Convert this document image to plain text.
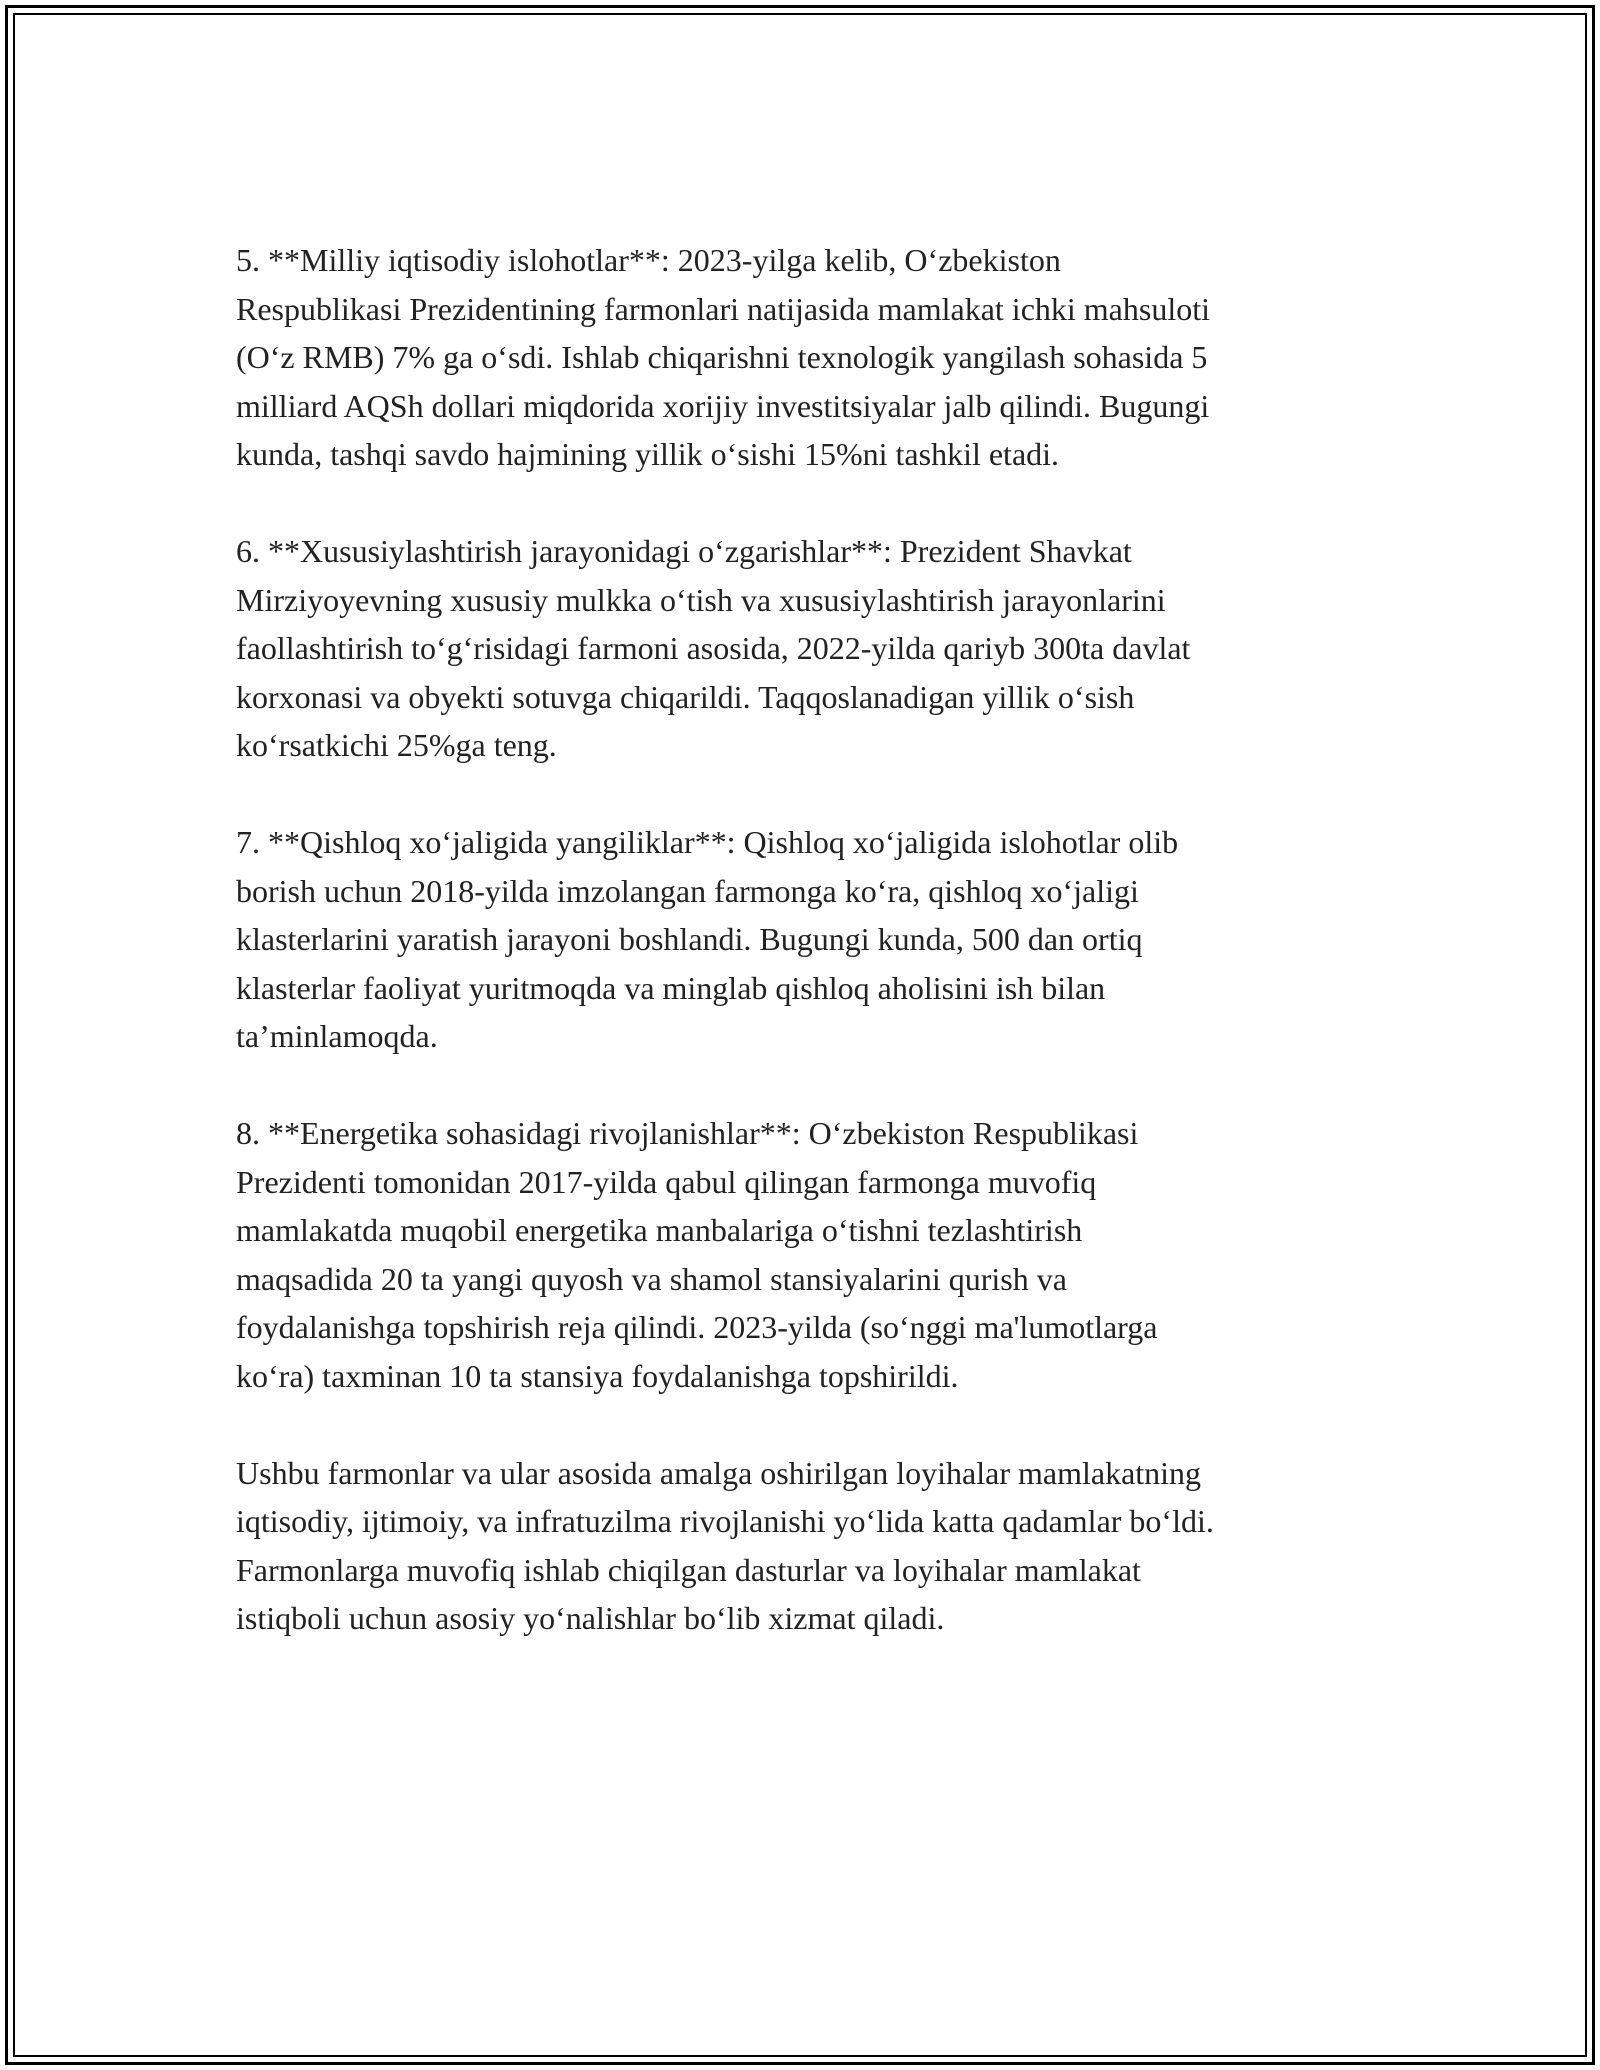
5. **Milliy iqtisodiy islohotlar**: 2023-yilga kelib, O‘zbekiston
Respublikasi Prezidentining farmonlari natijasida mamlakat ichki mahsuloti
(O‘z RMB) 7% ga o‘sdi. Ishlab chiqarishni texnologik yangilash sohasida 5
milliard AQSh dollari miqdorida xorijiy investitsiyalar jalb qilindi. Bugungi
kunda, tashqi savdo hajmining yillik o‘sishi 15%ni tashkil etadi.

6. **Xususiylashtirish jarayonidagi o‘zgarishlar**: Prezident Shavkat
Mirziyoyevning xususiy mulkka o‘tish va xususiylashtirish jarayonlarini
faollashtirish to‘g‘risidagi farmoni asosida, 2022-yilda qariyb 300ta davlat
korxonasi va obyekti sotuvga chiqarildi. Taqqoslanadigan yillik o‘sish
ko‘rsatkichi 25%ga teng.

7. **Qishloq xo‘jaligida yangiliklar**: Qishloq xo‘jaligida islohotlar olib
borish uchun 2018-yilda imzolangan farmonga ko‘ra, qishloq xo‘jaligi
klasterlarini yaratish jarayoni boshlandi. Bugungi kunda, 500 dan ortiq
klasterlar faoliyat yuritmoqda va minglab qishloq aholisini ish bilan
ta’minlamoqda.

8. **Energetika sohasidagi rivojlanishlar**: O‘zbekiston Respublikasi
Prezidenti tomonidan 2017-yilda qabul qilingan farmonga muvofiq
mamlakatda muqobil energetika manbalariga o‘tishni tezlashtirish
maqsadida 20 ta yangi quyosh va shamol stansiyalarini qurish va
foydalanishga topshirish reja qilindi. 2023-yilda (so‘nggi ma'lumotlarga
ko‘ra) taxminan 10 ta stansiya foydalanishga topshirildi.

Ushbu farmonlar va ular asosida amalga oshirilgan loyihalar mamlakatning
iqtisodiy, ijtimoiy, va infratuzilma rivojlanishi yo‘lida katta qadamlar bo‘ldi.
Farmonlarga muvofiq ishlab chiqilgan dasturlar va loyihalar mamlakat
istiqboli uchun asosiy yo‘nalishlar bo‘lib xizmat qiladi.
